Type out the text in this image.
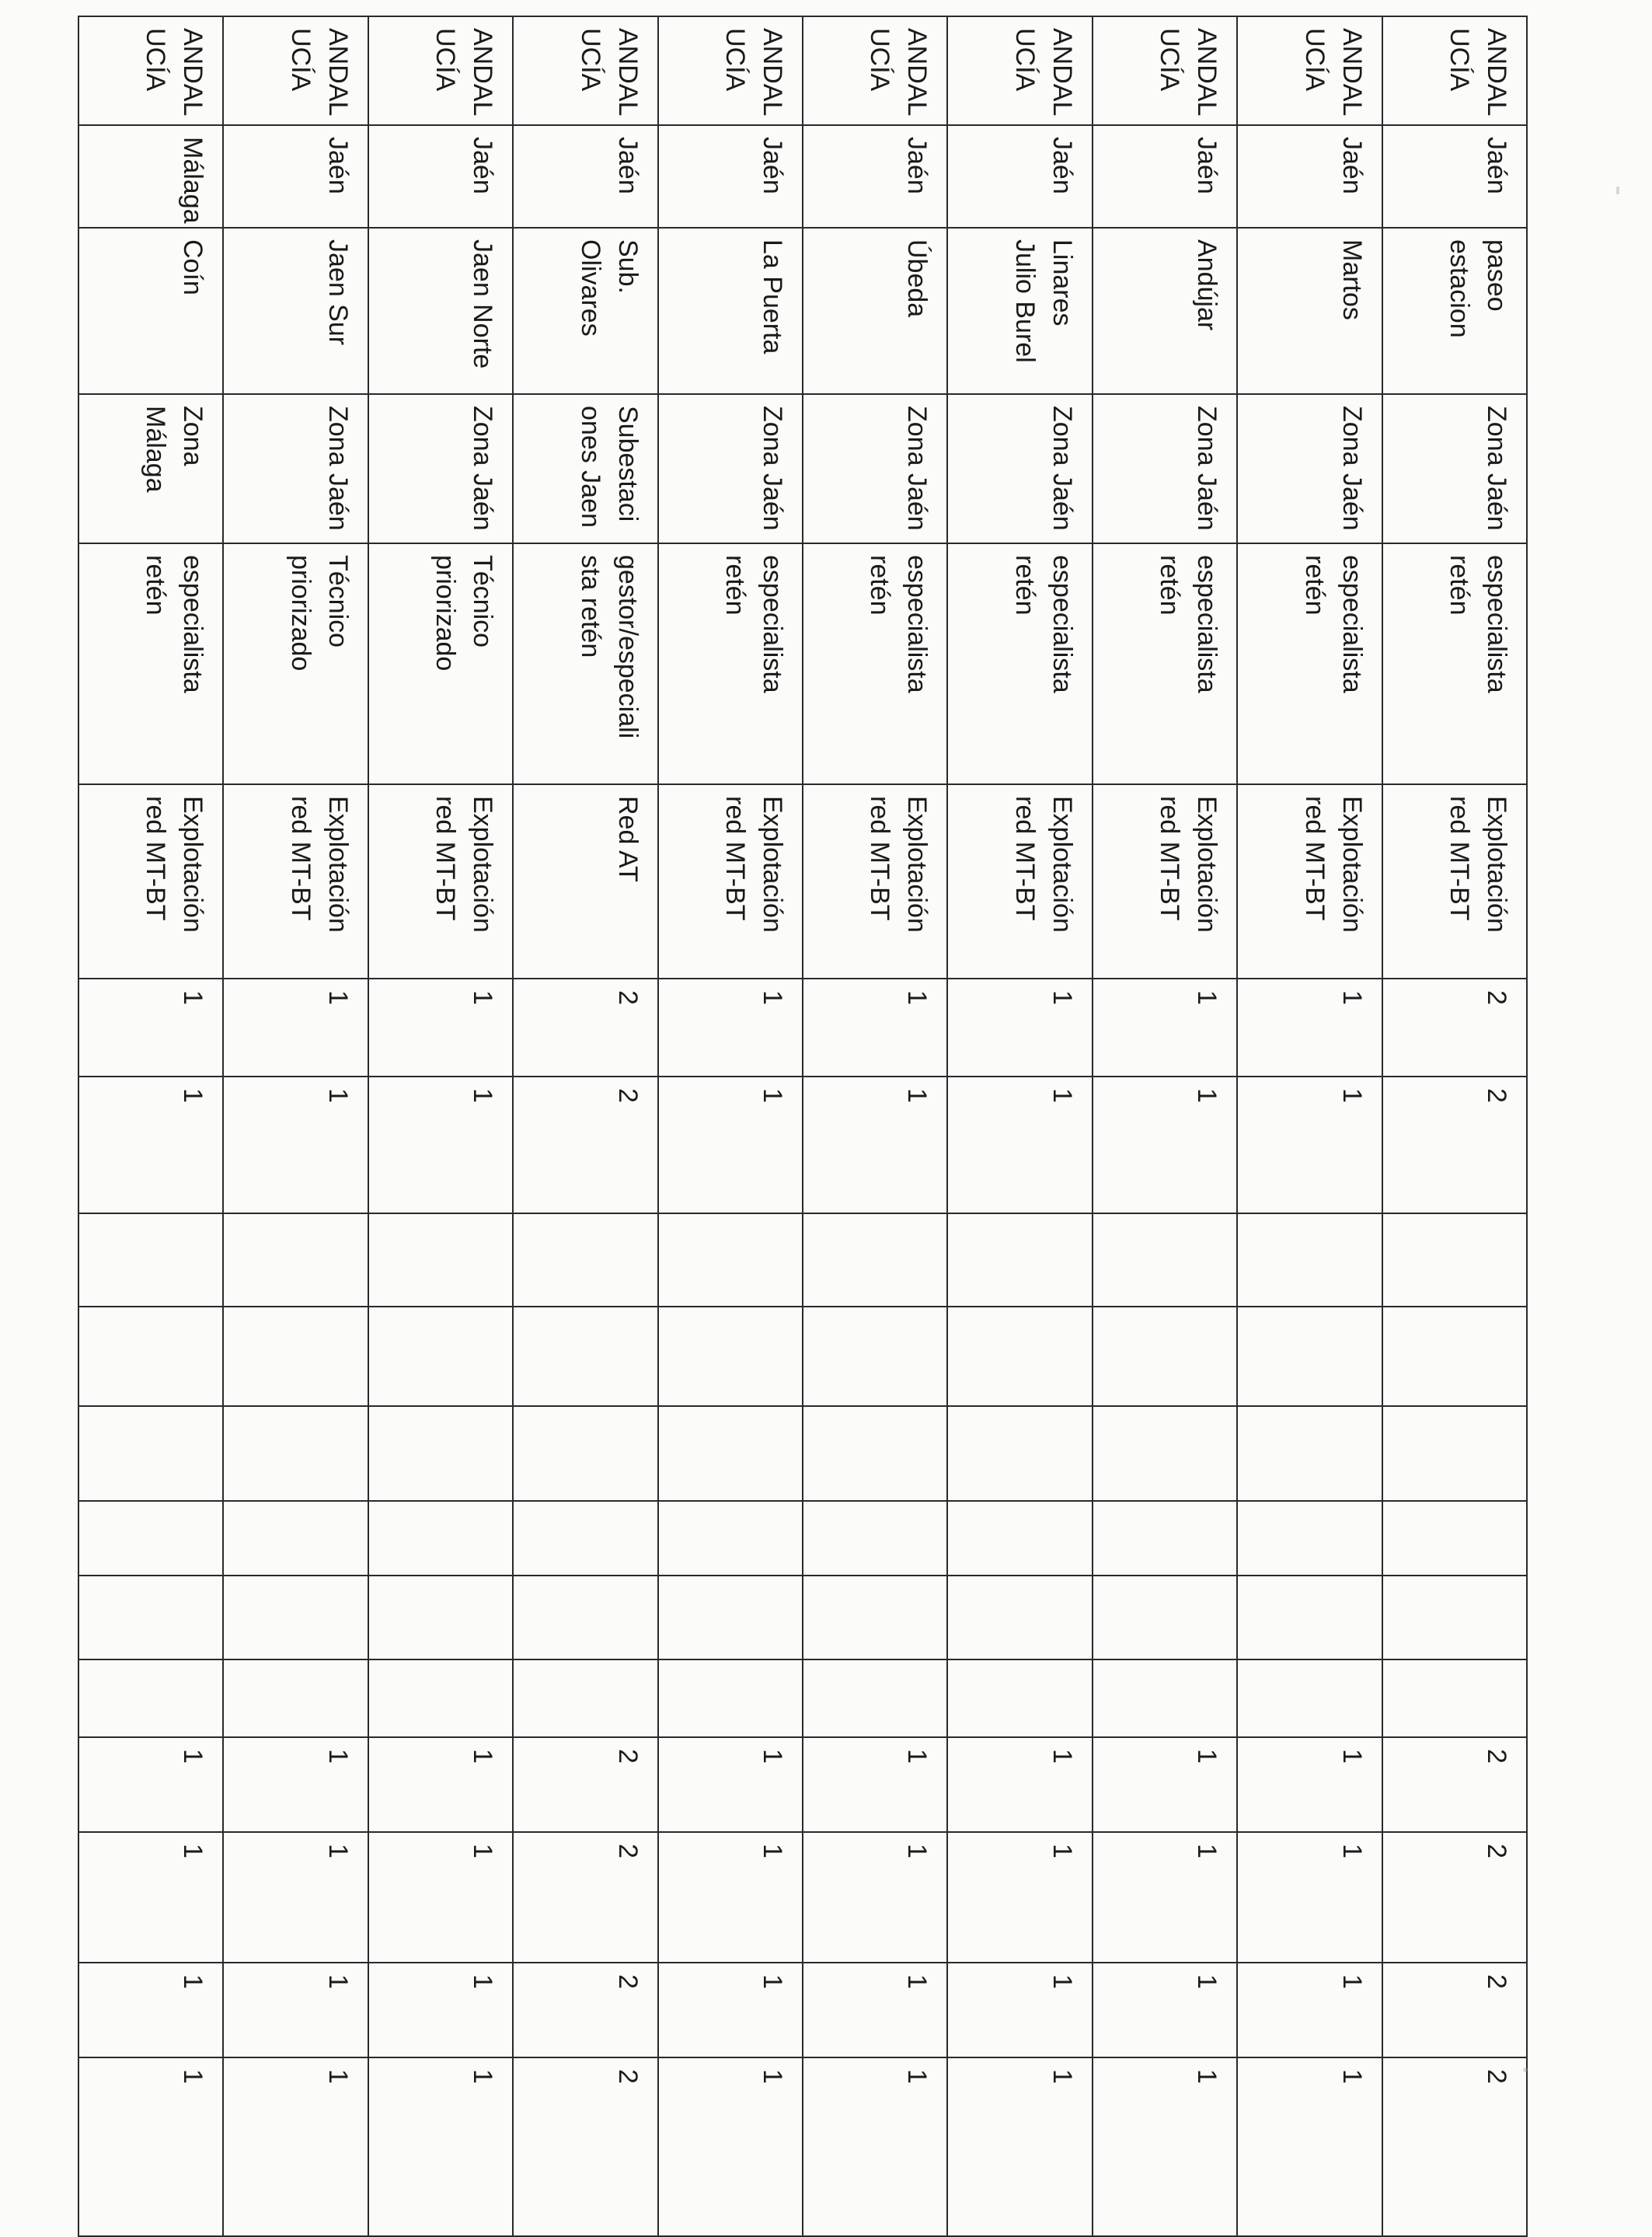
ANDAL
UCÍA	Jaén	paseo
estacion	Zona Jaén	especialista
retén	Explotación
red MT-BT	2	2							2	2	2	2
ANDAL
UCÍA	Jaén	Martos	Zona Jaén	especialista
retén	Explotación
red MT-BT	1	1							1	1	1	1
ANDAL
UCÍA	Jaén	Andújar	Zona Jaén	especialista
retén	Explotación
red MT-BT	1	1							1	1	1	1
ANDAL
UCÍA	Jaén	Linares
Julio Burel	Zona Jaén	especialista
retén	Explotación
red MT-BT	1	1							1	1	1	1
ANDAL
UCÍA	Jaén	Úbeda	Zona Jaén	especialista
retén	Explotación
red MT-BT	1	1							1	1	1	1
ANDAL
UCÍA	Jaén	La Puerta	Zona Jaén	especialista
retén	Explotación
red MT-BT	1	1							1	1	1	1
ANDAL
UCÍA	Jaén	Sub.
Olivares	Subestaci
ones Jaen	gestor/especiali
sta retén	Red AT	2	2							2	2	2	2
ANDAL
UCÍA	Jaén	Jaen Norte	Zona Jaén	Técnico
priorizado	Explotación
red MT-BT	1	1							1	1	1	1
ANDAL
UCÍA	Jaén	Jaen Sur	Zona Jaén	Técnico
priorizado	Explotación
red MT-BT	1	1							1	1	1	1
ANDAL
UCÍA	Málaga	Coín	Zona
Málaga	especialista
retén	Explotación
red MT-BT	1	1							1	1	1	1
